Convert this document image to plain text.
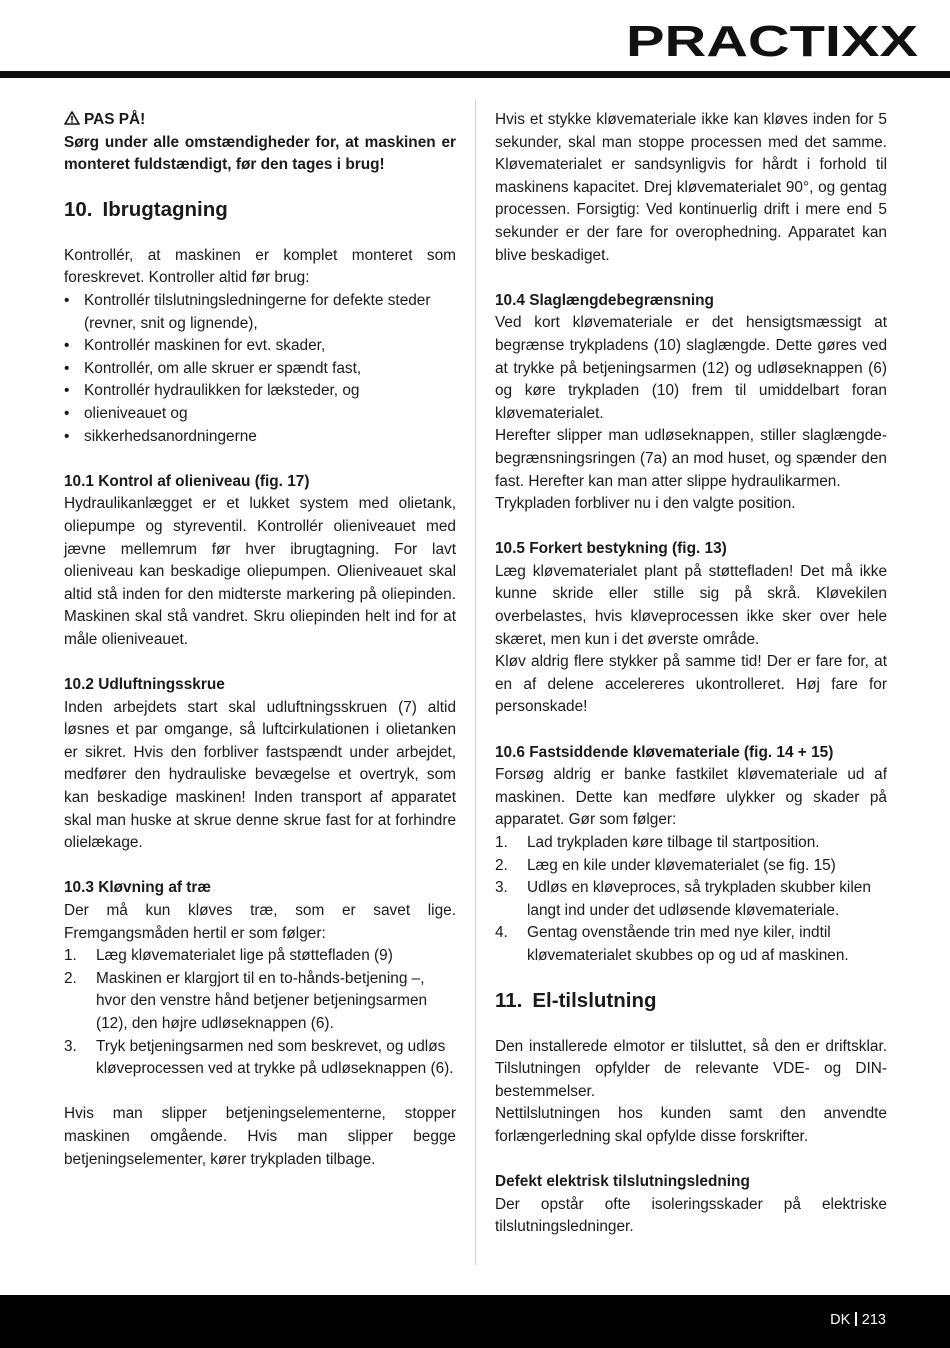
PRACTIXX

PAS PÅ!

Sørg under alle omstændigheder for, at maskinen er monteret fuldstændigt, før den tages i brug!

10. Ibrugtagning

Kontrollér, at maskinen er komplet monteret som foreskrevet. Kontroller altid før brug:

• Kontrollér tilslutningsledningerne for defekte steder (revner, snit og lignende),
• Kontrollér maskinen for evt. skader,
• Kontrollér, om alle skruer er spændt fast,
• Kontrollér hydraulikken for læksteder, og
• olieniveauet og
• sikkerhedsanordningerne

10.1 Kontrol af olieniveau (fig. 17)

Hydraulikanlægget er et lukket system med olietank, oliepumpe og styreventil. Kontrollér olieniveauet med jævne mellemrum før hver ibrugtagning. For lavt olieniveau kan beskadige oliepumpen. Olieniveauet skal altid stå inden for den midterste markering på oliepinden. Maskinen skal stå vandret. Skru oliepinden helt ind for at måle olieniveauet.

10.2 Udluftningsskrue

Inden arbejdets start skal udluftningsskruen (7) altid løsnes et par omgange, så luftcirkulationen i olietanken er sikret. Hvis den forbliver fastspændt under arbejdet, medfører den hydrauliske bevægelse et overtryk, som kan beskadige maskinen! Inden transport af apparatet skal man huske at skrue denne skrue fast for at forhindre olielækage.

10.3 Kløvning af træ

Der må kun kløves træ, som er savet lige. Fremgangsmåden hertil er som følger:

1. Læg kløvematerialet lige på støttefladen (9)
2. Maskinen er klargjort til en to-hånds-betjening –, hvor den venstre hånd betjener betjeningsarmen (12), den højre udløseknappen (6).
3. Tryk betjeningsarmen ned som beskrevet, og udløs kløveprocessen ved at trykke på udløseknappen (6).

Hvis man slipper betjeningselementerne, stopper maskinen omgående. Hvis man slipper begge betjeningselementer, kører trykpladen tilbage.

Hvis et stykke kløvemateriale ikke kan kløves inden for 5 sekunder, skal man stoppe processen med det samme. Kløvematerialet er sandsynligvis for hårdt i forhold til maskinens kapacitet. Drej kløvematerialet 90°, og gentag processen. Forsigtig: Ved kontinuerlig drift i mere end 5 sekunder er der fare for overophedning. Apparatet kan blive beskadiget.

10.4 Slaglængdebegrænsning

Ved kort kløvemateriale er det hensigtsmæssigt at begrænse trykpladens (10) slaglængde. Dette gøres ved at trykke på betjeningsarmen (12) og udløseknappen (6) og køre trykpladen (10) frem til umiddelbart foran kløvematerialet.

Herefter slipper man udløseknappen, stiller slaglængde-begrænsningsringen (7a) an mod huset, og spænder den fast. Herefter kan man atter slippe hydraulikarmen.

Trykpladen forbliver nu i den valgte position.

10.5 Forkert bestykning (fig. 13)

Læg kløvematerialet plant på støttefladen! Det må ikke kunne skride eller stille sig på skrå. Kløvekilen overbelastes, hvis kløveprocessen ikke sker over hele skæret, men kun i det øverste område.

Kløv aldrig flere stykker på samme tid! Der er fare for, at en af delene accelereres ukontrolleret. Høj fare for personskade!

10.6 Fastsiddende kløvemateriale (fig. 14 + 15)

Forsøg aldrig er banke fastkilet kløvemateriale ud af maskinen. Dette kan medføre ulykker og skader på apparatet. Gør som følger:

1. Lad trykpladen køre tilbage til startposition.
2. Læg en kile under kløvematerialet (se fig. 15)
3. Udløs en kløveproces, så trykpladen skubber kilen langt ind under det udløsende kløvemateriale.
4. Gentag ovenstående trin med nye kiler, indtil kløvematerialet skubbes op og ud af maskinen.
11. El-tilslutning

Den installerede elmotor er tilsluttet, så den er driftsklar. Tilslutningen opfylder de relevante VDE- og DIN-bestemmelser.

Nettilslutningen hos kunden samt den anvendte forlængerledning skal opfylde disse forskrifter.

Defekt elektrisk tilslutningsledning

Der opstår ofte isoleringsskader på elektriske tilslutningsledninger.

DK 213
